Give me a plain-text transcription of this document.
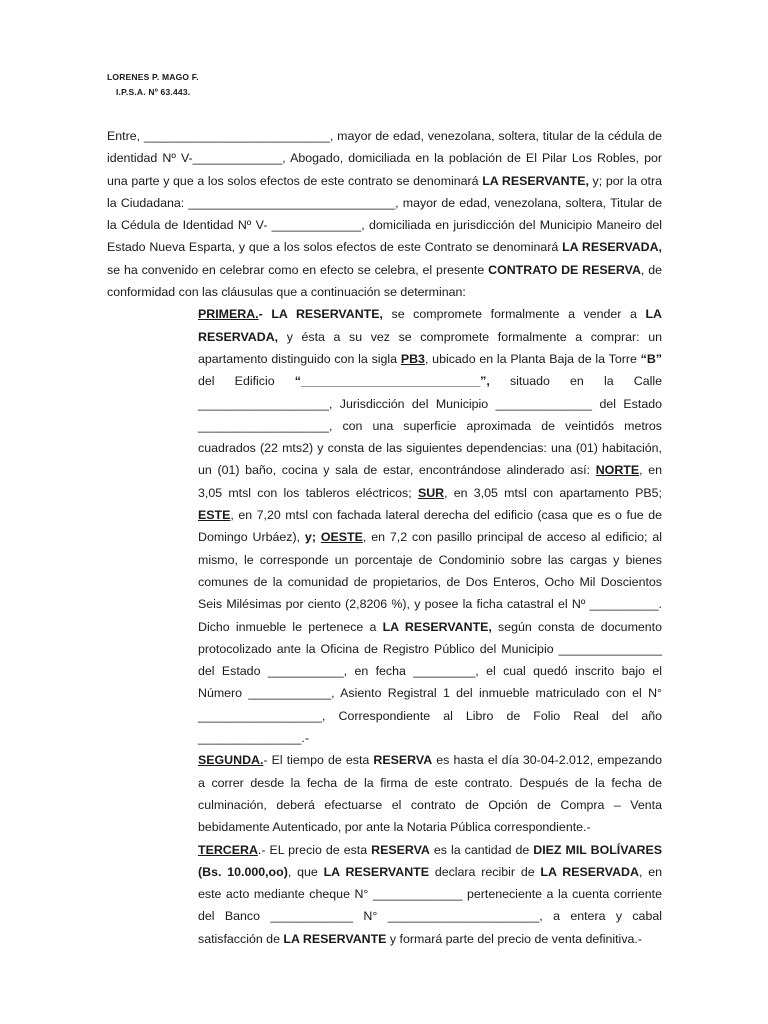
LORENES P. MAGO F.
I.P.S.A. Nº 63.443.

Entre, ___________________________, mayor de edad, venezolana, soltera, titular de la cédula de identidad Nº V-_____________, Abogado, domiciliada en la población de El Pilar Los Robles, por una parte y que a los solos efectos de este contrato se denominará LA RESERVANTE, y; por la otra la Ciudadana: ______________________________, mayor de edad, venezolana, soltera, Titular de la Cédula de Identidad Nº V- _____________, domiciliada en jurisdicción del Municipio Maneiro del Estado Nueva Esparta, y que a los solos efectos de este Contrato se denominará LA RESERVADA, se ha convenido en celebrar como en efecto se celebra, el presente CONTRATO DE RESERVA, de conformidad con las cláusulas que a continuación se determinan:

PRIMERA.- LA RESERVANTE, se compromete formalmente a vender a LA RESERVADA, y ésta a su vez se compromete formalmente a comprar: un apartamento distinguido con la sigla PB3, ubicado en la Planta Baja de la Torre “B” del Edificio “__________________________”, situado en la Calle ___________________, Jurisdicción del Municipio ______________ del Estado ___________________, con una superficie aproximada de veintidós metros cuadrados (22 mts2) y consta de las siguientes dependencias: una (01) habitación, un (01) baño, cocina y sala de estar, encontrándose alinderado así: NORTE, en 3,05 mtsl con los tableros eléctricos; SUR, en 3,05 mtsl con apartamento PB5; ESTE, en 7,20 mtsl con fachada lateral derecha del edificio (casa que es o fue de Domingo Urbáez), y; OESTE, en 7,2 con pasillo principal de acceso al edificio; al mismo, le corresponde un porcentaje de Condominio sobre las cargas y bienes comunes de la comunidad de propietarios, de Dos Enteros, Ocho Mil Doscientos Seis Milésimas por ciento (2,8206 %), y posee la ficha catastral el Nº __________. Dicho inmueble le pertenece a LA RESERVANTE, según consta de documento protocolizado ante la Oficina de Registro Público del Municipio _______________ del Estado ___________, en fecha _________, el cual quedó inscrito bajo el Número ____________, Asiento Registral 1 del inmueble matriculado con el N° __________________, Correspondiente al Libro de Folio Real del año _______________.-

SEGUNDA.- El tiempo de esta RESERVA es hasta el día 30-04-2.012, empezando a correr desde la fecha de la firma de este contrato. Después de la fecha de culminación, deberá efectuarse el contrato de Opción de Compra – Venta bebidamente Autenticado, por ante la Notaria Pública correspondiente.-

TERCERA.- EL precio de esta RESERVA es la cantidad de DIEZ MIL BOLÍVARES (Bs. 10.000,oo), que LA RESERVANTE declara recibir de LA RESERVADA, en este acto mediante cheque N° _____________ perteneciente a la cuenta corriente del Banco ____________ N° ______________________, a entera y cabal satisfacción de LA RESERVANTE y formará parte del precio de venta definitiva.-
